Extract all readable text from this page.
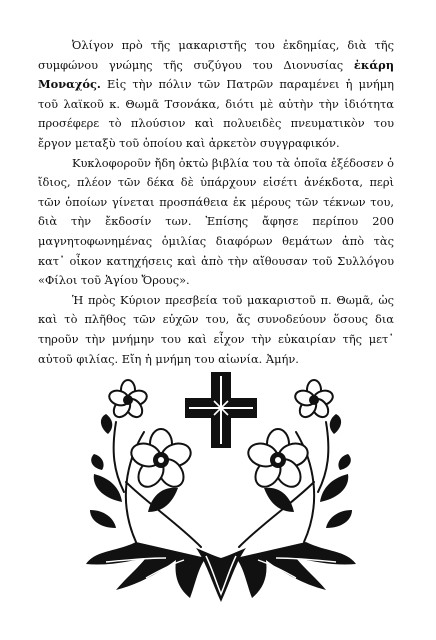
Ὀλίγον πρὸ τῆς μακαριστῆς του ἐκδημίας, διὰ τῆς συμφώνου γνώμης τῆς συζύγου του Διονυσίας ἐκάρη Μοναχός. Εἰς τὴν πόλιν τῶν Πατρῶν παραμένει ἡ μνήμη τοῦ λαϊκοῦ κ. Θωμᾶ Τσονάκα, διότι μὲ αὐτὴν τὴν ἰδιότητα προσέφερε τὸ πλούσιον καὶ πολυειδὲς πνευματικὸν του ἔργον μεταξὺ τοῦ ὁποίου καὶ ἀρκετὸν συγγραφικόν.

Κυκλοφοροῦν ἤδη ὀκτὼ βιβλία του τὰ ὁποῖα ἐξέδοσεν ὁ ἴδιος, πλέον τῶν δέκα δὲ ὑπάρχουν εἰσέτι ἀνέκδοτα, περὶ τῶν ὁποίων γίνεται προσπάθεια ἐκ μέρους τῶν τέκνων του, διὰ τὴν ἔκδοσίν των. Ἐπίσης ἄφησε περίπου 200 μαγνητοφωνημένας ὁμιλίας διαφόρων θεμάτων ἀπὸ τὰς κατ᾽ οἶκον κατηχήσεις καὶ ἀπὸ τὴν αἴθουσαν τοῦ Συλλόγου «Φίλοι τοῦ Ἁγίου Ὄρους».

Ἡ πρὸς Κύριον πρεσβεία τοῦ μακαριστοῦ π. Θωμᾶ, ὡς καὶ τὸ πλῆθος τῶν εὐχῶν του, ἄς συνοδεύουν ὅσους δια τηροῦν τὴν μνήμην του καὶ εἶχον τὴν εὐκαιρίαν τῆς μετ᾽ αὐτοῦ φιλίας. Εἴη ἡ μνήμη του αἰωνία. Ἀμήν.
